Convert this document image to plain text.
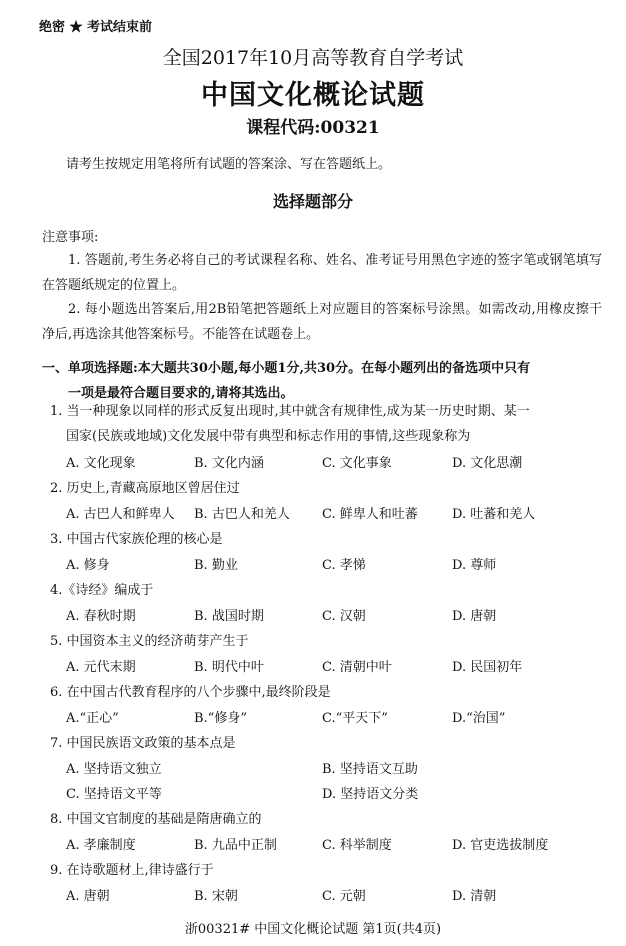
绝密 ★ 考试结束前
全国2017年10月高等教育自学考试
中国文化概论试题
课程代码:00321
请考生按规定用笔将所有试题的答案涂、写在答题纸上。
选择题部分
注意事项:
1. 答题前,考生务必将自己的考试课程名称、姓名、准考证号用黑色字迹的签字笔或钢笔填写在答题纸规定的位置上。
2. 每小题选出答案后,用2B铅笔把答题纸上对应题目的答案标号涂黑。如需改动,用橡皮擦干净后,再选涂其他答案标号。不能答在试题卷上。
一、单项选择题:本大题共30小题,每小题1分,共30分。在每小题列出的备选项中只有
一项是最符合题目要求的,请将其选出。
1. 当一种现象以同样的形式反复出现时,其中就含有规律性,成为某一历史时期、某一
国家(民族或地域)文化发展中带有典型和标志作用的事情,这些现象称为
A. 文化现象	B. 文化内涵	C. 文化事象	D. 文化思潮
2. 历史上,青藏高原地区曾居住过
A. 古巴人和鲜卑人 B. 古巴人和羌人 C. 鲜卑人和吐蕃	D. 吐蕃和羌人
3. 中国古代家族伦理的核心是
A. 修身	B. 勤业	C. 孝悌	D. 尊师
4.《诗经》编成于
A. 春秋时期	B. 战国时期	C. 汉朝	D. 唐朝
5. 中国资本主义的经济萌芽产生于
A. 元代末期	B. 明代中叶	C. 清朝中叶	D. 民国初年
6. 在中国古代教育程序的八个步骤中,最终阶段是
A.“正心”	B.“修身”	C.“平天下”	D.“治国”
7. 中国民族语文政策的基本点是
A. 坚持语文独立	B. 坚持语文互助
C. 坚持语文平等	D. 坚持语文分类
8. 中国文官制度的基础是隋唐确立的
A. 孝廉制度	B. 九品中正制	C. 科举制度	D. 官吏选拔制度
9. 在诗歌题材上,律诗盛行于
A. 唐朝	B. 宋朝	C. 元朝	D. 清朝
浙00321# 中国文化概论试题 第1页(共4页)
